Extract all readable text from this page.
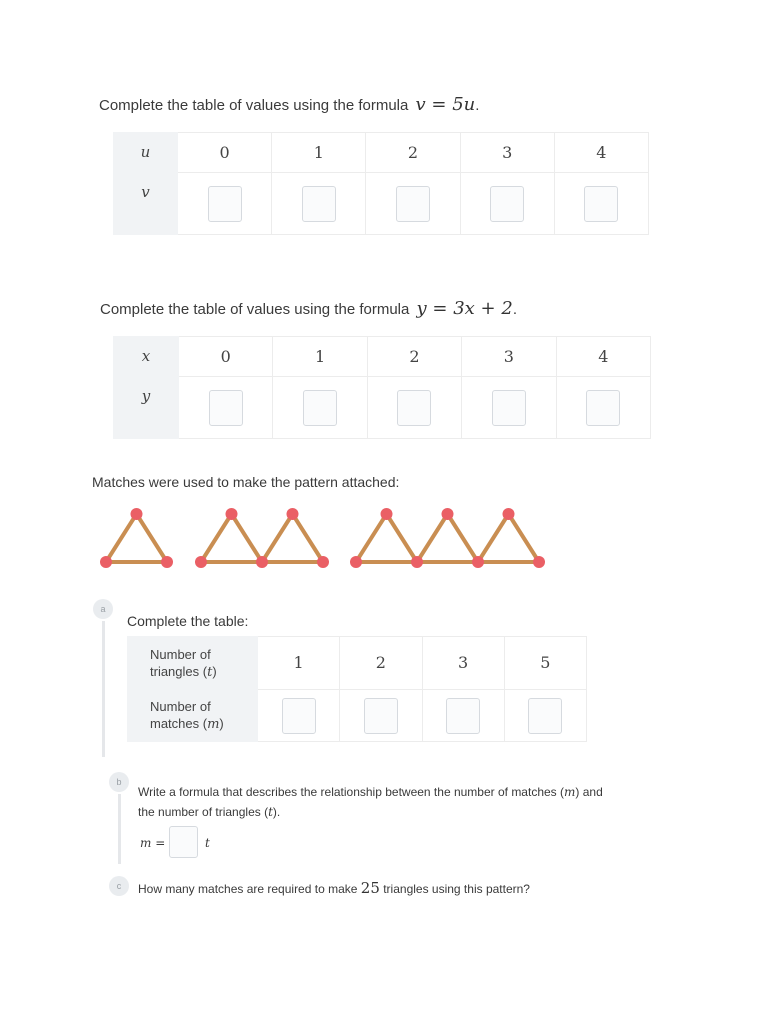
Complete the table of values using the formula v = 5u.
u	0	1	2	3	4
v					
Complete the table of values using the formula y = 3x + 2.
x	0	1	2	3	4
y					
Matches were used to make the pattern attached:
a
Complete the table:
Number of
triangles (t)	1	2	3	5
Number of
matches (m)				
b
Write a formula that describes the relationship between the number of matches (m) and
the number of triangles (t).
m =	t
c	How many matches are required to make 25 triangles using this pattern?
